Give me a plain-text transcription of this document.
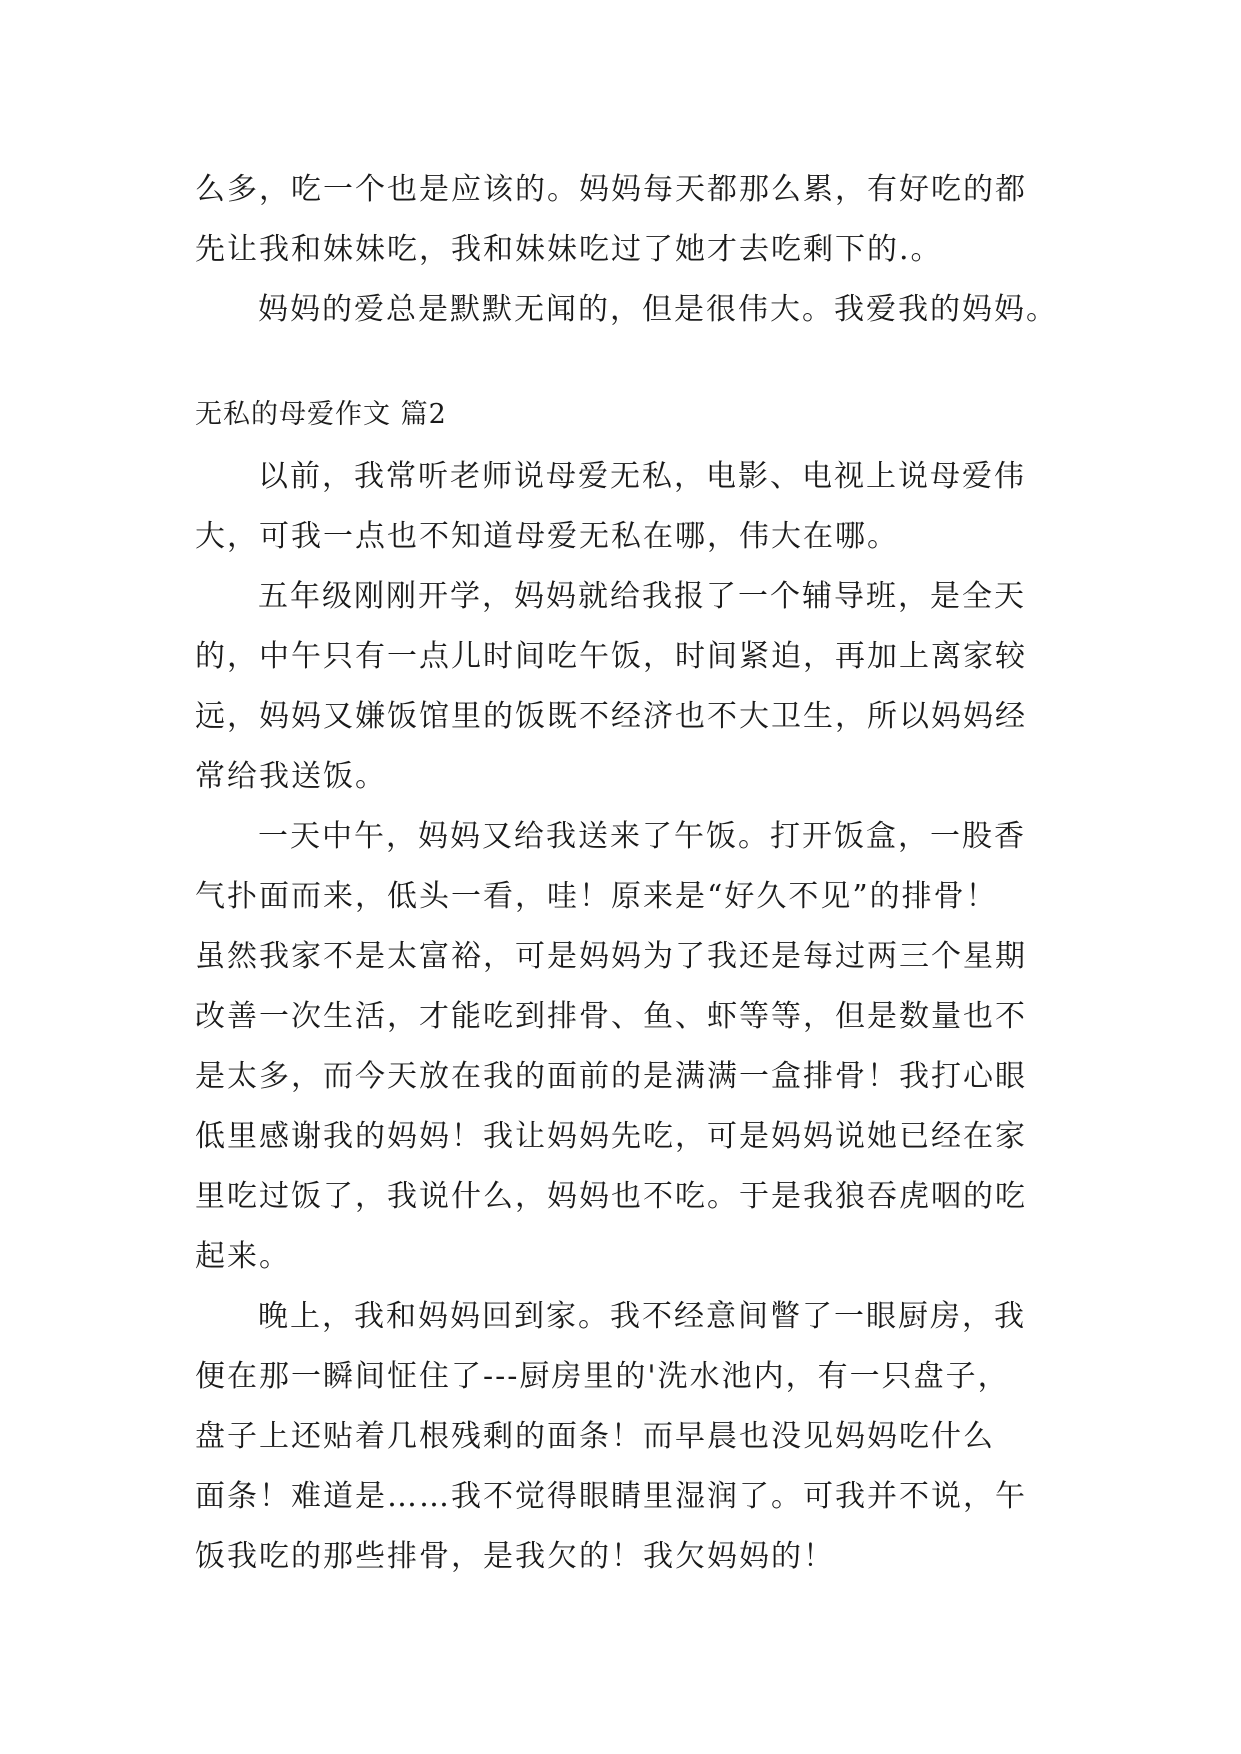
么多，吃一个也是应该的。妈妈每天都那么累，有好吃的都
先让我和妹妹吃，我和妹妹吃过了她才去吃剩下的.。
妈妈的爱总是默默无闻的，但是很伟大。我爱我的妈妈。
无私的母爱作文 篇2
以前，我常听老师说母爱无私，电影、电视上说母爱伟
大，可我一点也不知道母爱无私在哪，伟大在哪。
五年级刚刚开学，妈妈就给我报了一个辅导班，是全天
的，中午只有一点儿时间吃午饭，时间紧迫，再加上离家较
远，妈妈又嫌饭馆里的饭既不经济也不大卫生，所以妈妈经
常给我送饭。
一天中午，妈妈又给我送来了午饭。打开饭盒，一股香
气扑面而来，低头一看，哇！原来是“好久不见”的排骨！
虽然我家不是太富裕，可是妈妈为了我还是每过两三个星期
改善一次生活，才能吃到排骨、鱼、虾等等，但是数量也不
是太多，而今天放在我的面前的是满满一盒排骨！我打心眼
低里感谢我的妈妈！我让妈妈先吃，可是妈妈说她已经在家
里吃过饭了，我说什么，妈妈也不吃。于是我狼吞虎咽的吃
起来。
晚上，我和妈妈回到家。我不经意间瞥了一眼厨房，我
便在那一瞬间怔住了---厨房里的'洗水池内，有一只盘子，
盘子上还贴着几根残剩的面条！而早晨也没见妈妈吃什么
面条！难道是……我不觉得眼睛里湿润了。可我并不说，午
饭我吃的那些排骨，是我欠的！我欠妈妈的！
